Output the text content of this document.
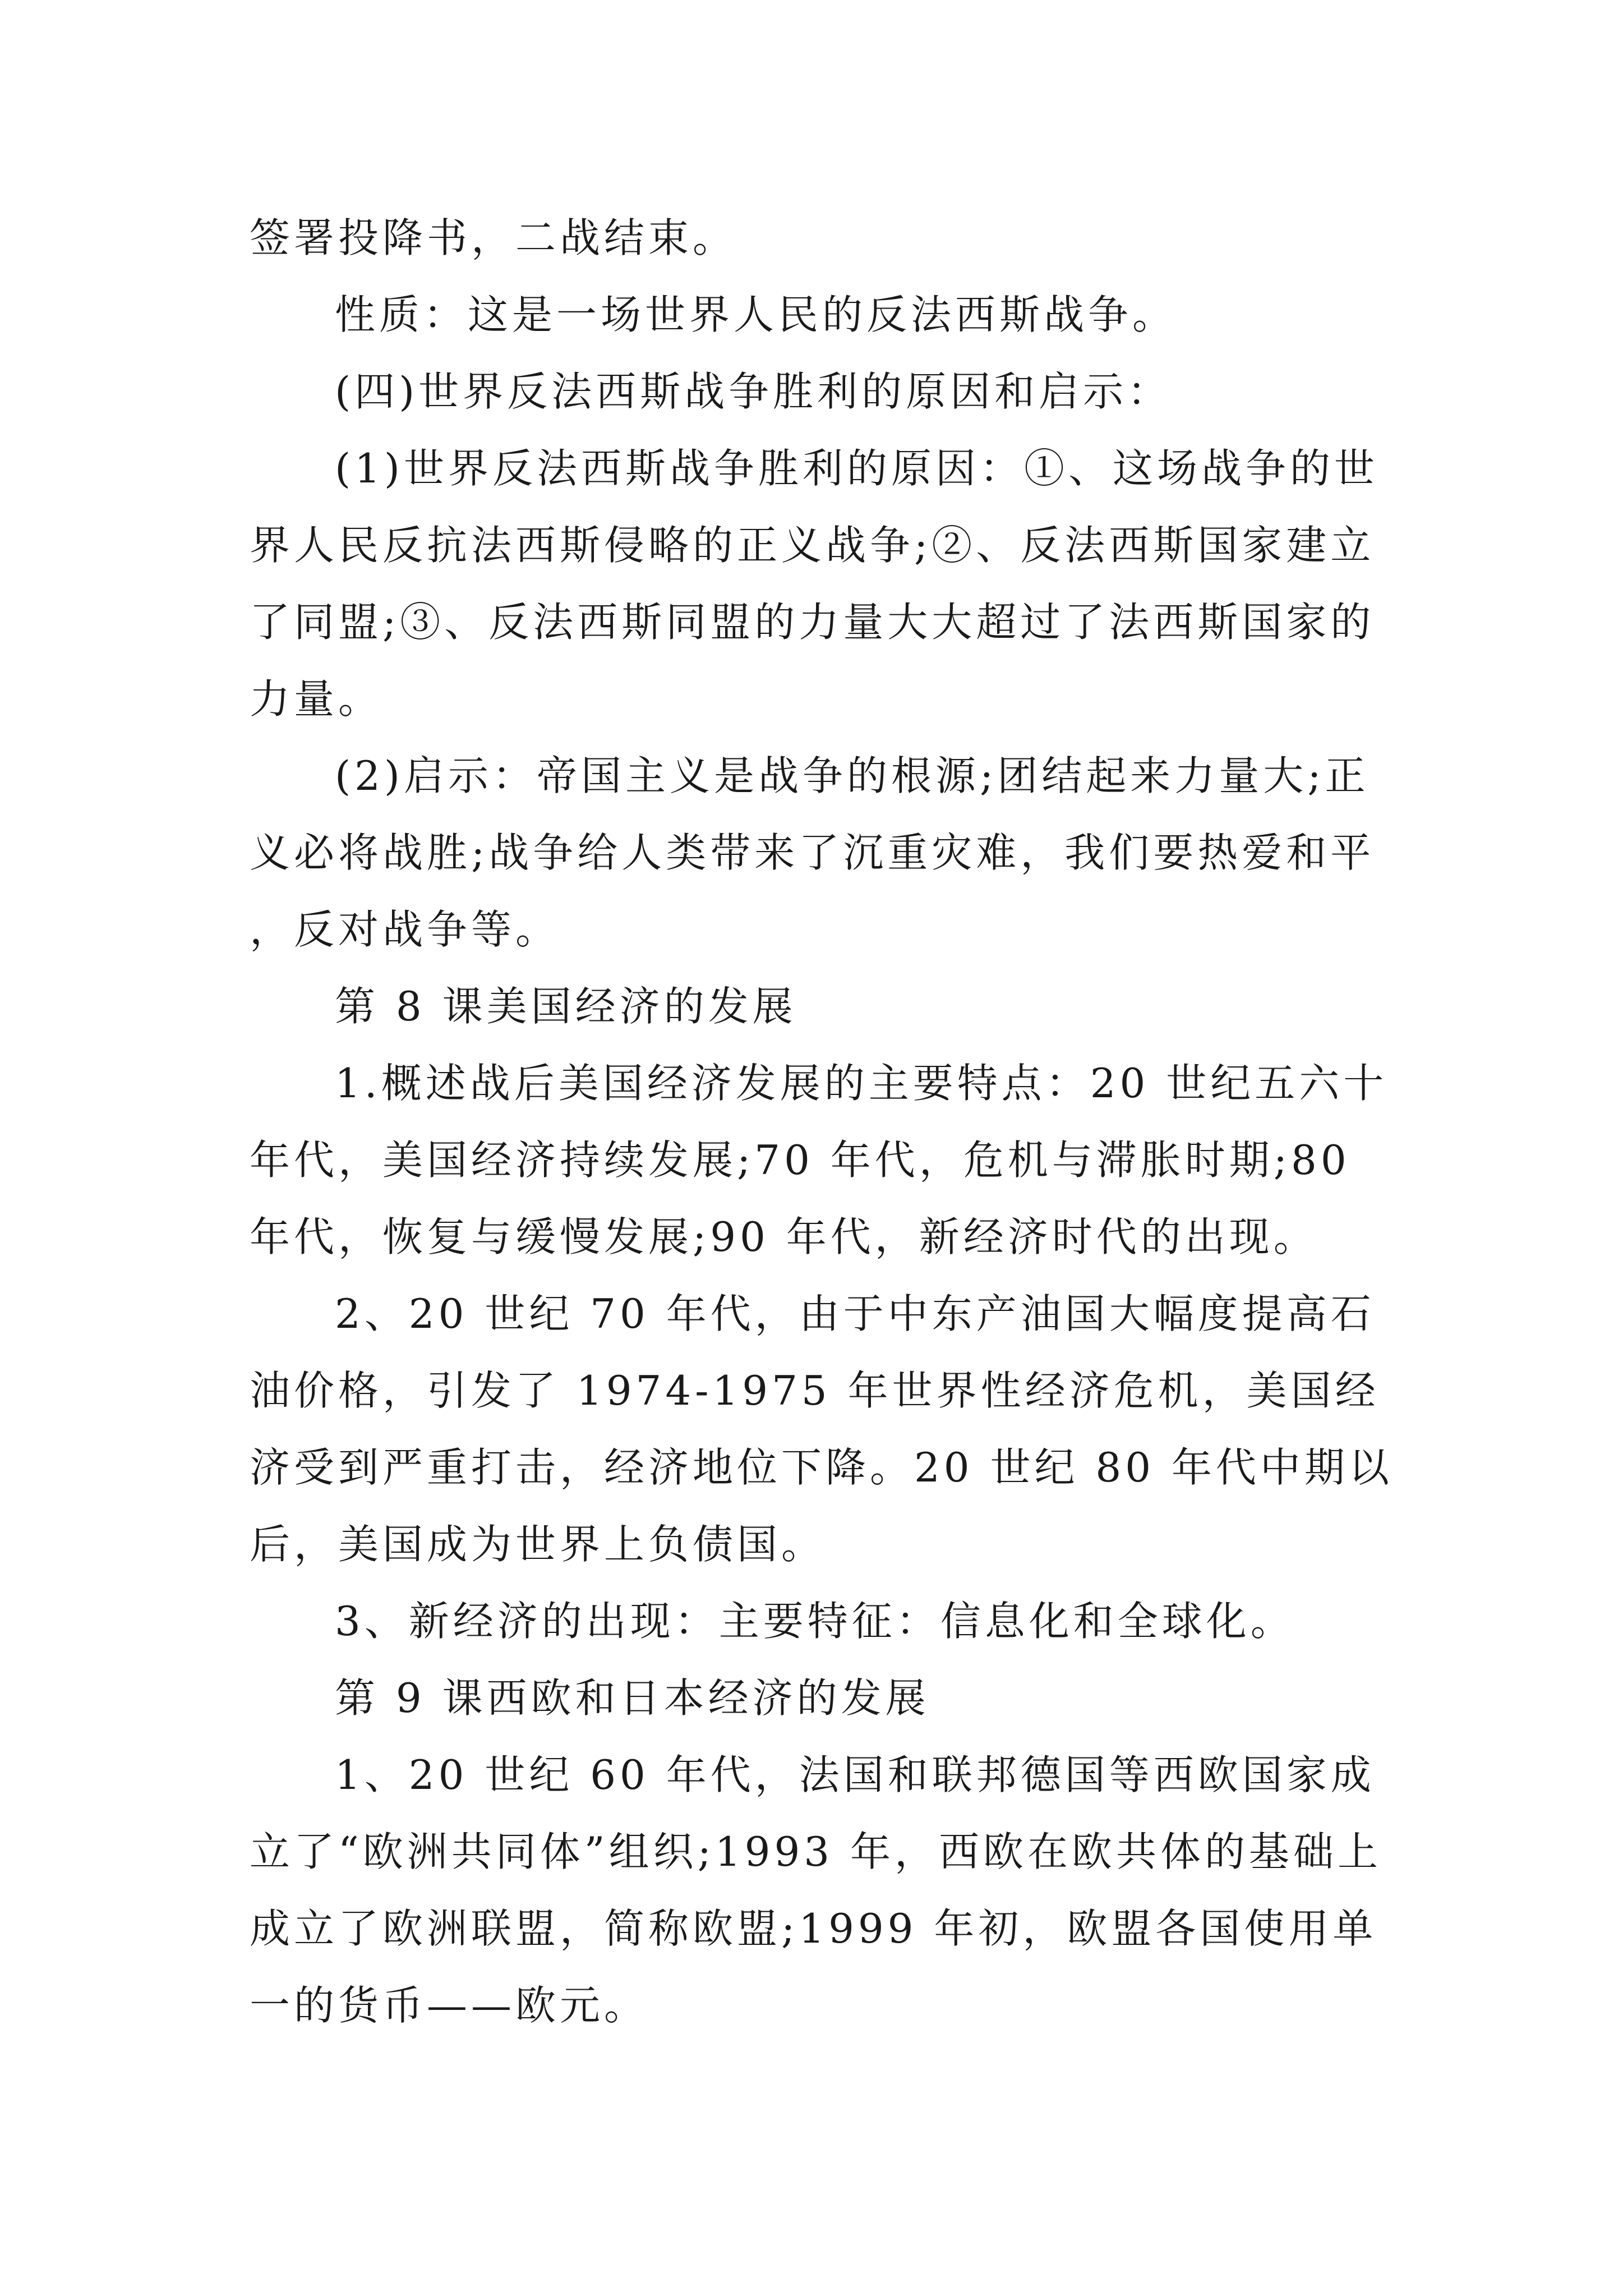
签署投降书，二战结束。

性质：这是一场世界人民的反法西斯战争。

(四)世界反法西斯战争胜利的原因和启示：

(1)世界反法西斯战争胜利的原因：①、这场战争的世界人民反抗法西斯侵略的正义战争;②、反法西斯国家建立了同盟;③、反法西斯同盟的力量大大超过了法西斯国家的力量。

(2)启示：帝国主义是战争的根源;团结起来力量大;正义必将战胜;战争给人类带来了沉重灾难，我们要热爱和平，反对战争等。

第 8 课美国经济的发展

1.概述战后美国经济发展的主要特点：20 世纪五六十年代，美国经济持续发展;70 年代，危机与滞胀时期;80 年代，恢复与缓慢发展;90 年代，新经济时代的出现。

2、20 世纪 70 年代，由于中东产油国大幅度提高石油价格，引发了 1974-1975 年世界性经济危机，美国经济受到严重打击，经济地位下降。20 世纪 80 年代中期以后，美国成为世界上负债国。

3、新经济的出现：主要特征：信息化和全球化。

第 9 课西欧和日本经济的发展

1、20 世纪 60 年代，法国和联邦德国等西欧国家成立了“欧洲共同体”组织;1993 年，西欧在欧共体的基础上成立了欧洲联盟，简称欧盟;1999 年初，欧盟各国使用单一的货币——欧元。
